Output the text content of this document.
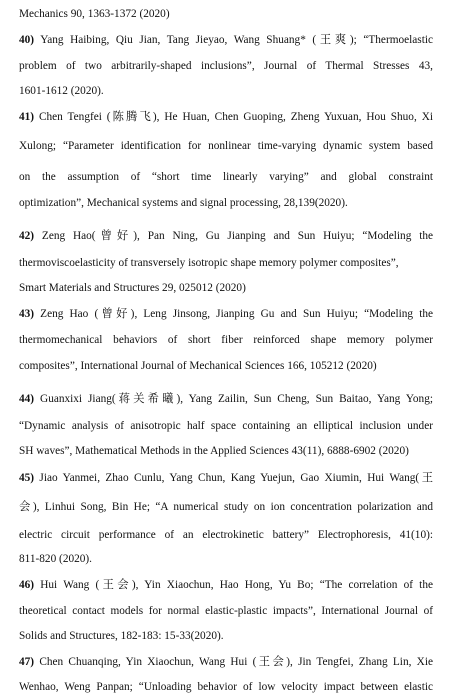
Mechanics 90, 1363-1372 (2020)
40) Yang Haibing, Qiu Jian, Tang Jieyao, Wang Shuang* (王爽); “Thermoelastic
problem of two arbitrarily-shaped inclusions”, Journal of Thermal Stresses 43,
1601-1612 (2020).
41) Chen Tengfei (陈腾飞), He Huan, Chen Guoping, Zheng Yuxuan, Hou Shuo, Xi
Xulong; “Parameter identification for nonlinear time-varying dynamic system based
on the assumption of “short time linearly varying” and global constraint
optimization”, Mechanical systems and signal processing, 28,139(2020).
42) Zeng Hao(曾好), Pan Ning, Gu Jianping and Sun Huiyu; “Modeling the
thermoviscoelasticity of transversely isotropic shape memory polymer composites”,
Smart Materials and Structures 29, 025012 (2020)
43) Zeng Hao (曾好), Leng Jinsong, Jianping Gu and Sun Huiyu; “Modeling the
thermomechanical behaviors of short fiber reinforced shape memory polymer
composites”, International Journal of Mechanical Sciences 166, 105212 (2020)
44) Guanxixi Jiang(蒋关希曦), Yang Zailin, Sun Cheng, Sun Baitao, Yang Yong;
“Dynamic analysis of anisotropic half space containing an elliptical inclusion under
SH waves”, Mathematical Methods in the Applied Sciences 43(11), 6888-6902 (2020)
45) Jiao Yanmei, Zhao Cunlu, Yang Chun, Kang Yuejun, Gao Xiumin, Hui Wang(王
会), Linhui Song, Bin He; “A numerical study on ion concentration polarization and
electric circuit performance of an electrokinetic battery” Electrophoresis, 41(10):
811-820 (2020).
46) Hui Wang (王会), Yin Xiaochun, Hao Hong, Yu Bo; “The correlation of the
theoretical contact models for normal elastic-plastic impacts”, International Journal of
Solids and Structures, 182-183: 15-33(2020).
47) Chen Chuanqing, Yin Xiaochun, Wang Hui (王会), Jin Tengfei, Zhang Lin, Xie
Wenhao, Weng Panpan; “Unloading behavior of low velocity impact between elastic
